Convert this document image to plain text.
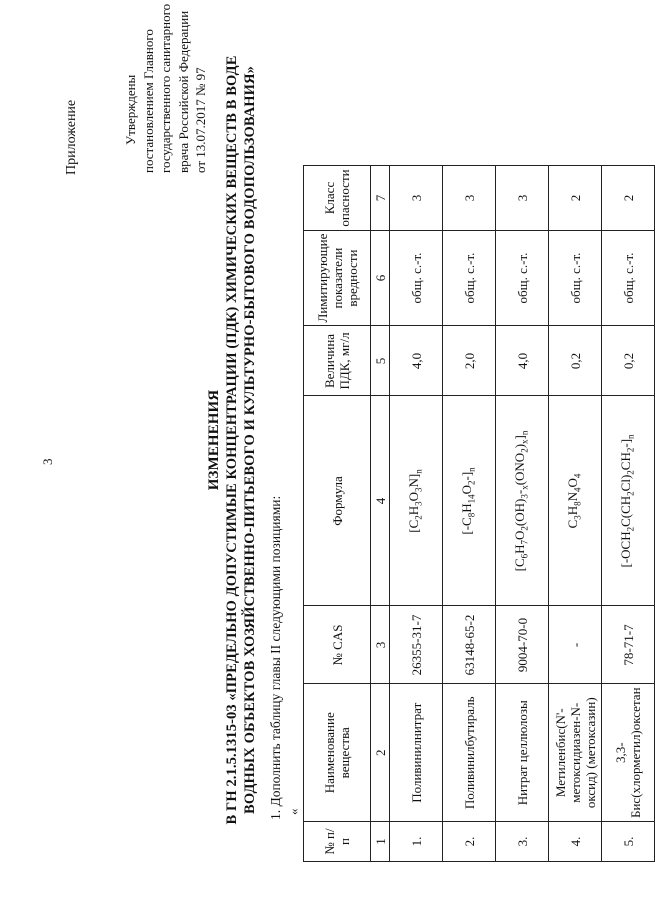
3
Приложение	Утверждены постановлением Главного государственного санитарного врача Российской Федерации от 13.07.2017 № 97
ИЗМЕНЕНИЯ В ГН 2.1.5.1315-03 «ПРЕДЕЛЬНО ДОПУСТИМЫЕ КОНЦЕНТРАЦИИ (ПДК) ХИМИЧЕСКИХ ВЕЩЕСТВ В ВОДЕ ВОДНЫХ ОБЪЕКТОВ ХОЗЯЙСТВЕННО-ПИТЬЕВОГО И КУЛЬТУРНО-БЫТОВОГО ВОДОПОЛЬЗОВАНИЯ» 1. Дополнить таблицу главы II следующими позициями: «
№ п/п	Наименование вещества	№ CAS	Формула	Величина ПДК, мг/л	Лимитирующие показатели вредности	Класс опасности
1	2	3	4	5	6	7
1.	Поливинилнитрат	26355-31-7	$[C_2H_3O_3N]_n$	4,0	общ. с.-т.	3
2.	Поливинилбутираль	63148-65-2	$[-C_8H_{14}O_2-]_n$	2,0	общ. с.-т.	3
3.	Нитрат целлюлозы	9004-70-0	$[C_6H_7O_2(OH)_3-_x(ONO_2)_x]_n$	4,0	общ. с.-т.	3
4.	Метиленбис(N'-метоксидиазен-N-оксид) (метоксазин)	-	$C_3H_8N_4O_4$	0,2	общ. с.-т.	2
5.	3,3-Бис(хлорметил)оксетан	78-71-7	$[-OCH_2C(CH_2Cl)_2CH_2-]_n$	0,2	общ. с.-т.	2
